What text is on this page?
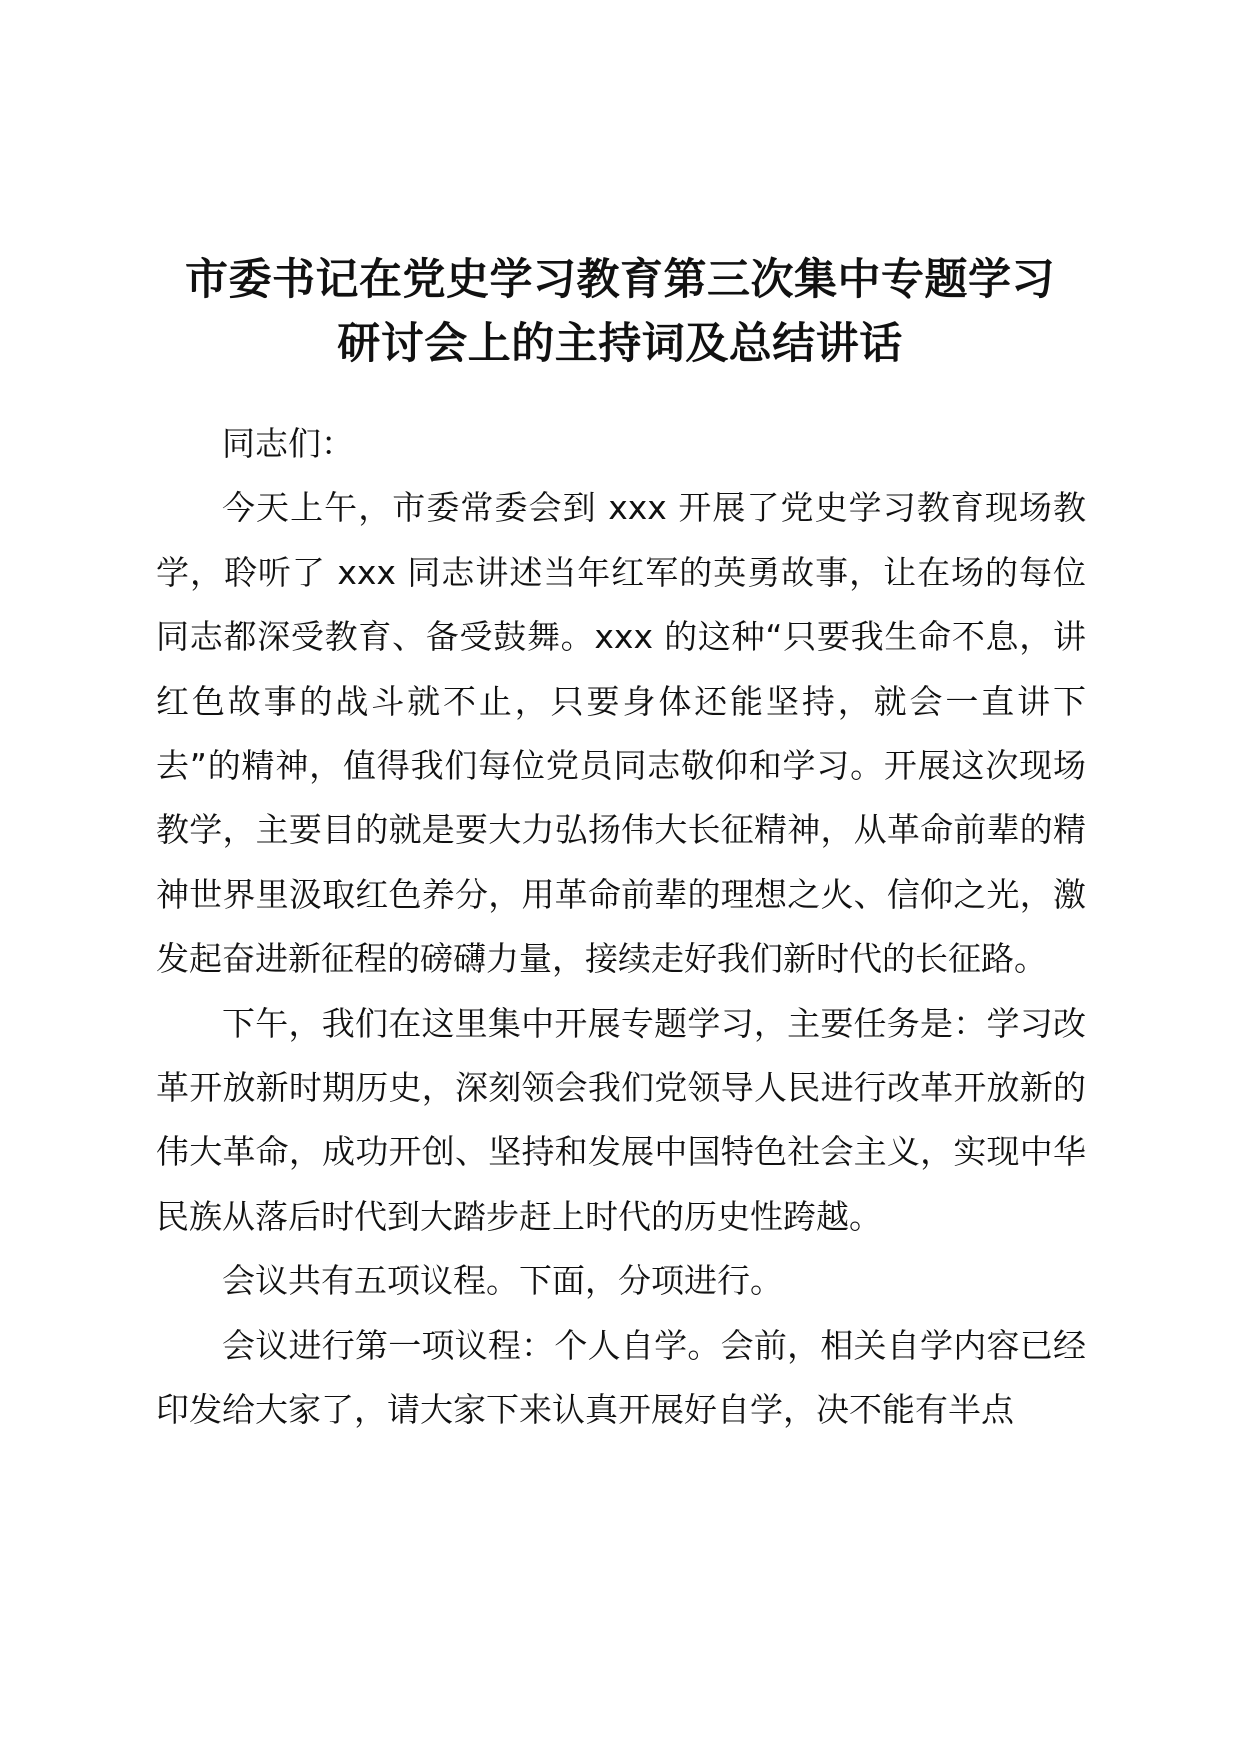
市委书记在党史学习教育第三次集中专题学习
研讨会上的主持词及总结讲话

同志们：

今天上午，市委常委会到 xxx 开展了党史学习教育现场教学，聆听了 xxx 同志讲述当年红军的英勇故事，让在场的每位同志都深受教育、备受鼓舞。xxx 的这种“只要我生命不息，讲红色故事的战斗就不止，只要身体还能坚持，就会一直讲下去”的精神，值得我们每位党员同志敬仰和学习。开展这次现场教学，主要目的就是要大力弘扬伟大长征精神，从革命前辈的精神世界里汲取红色养分，用革命前辈的理想之火、信仰之光，激发起奋进新征程的磅礴力量，接续走好我们新时代的长征路。

下午，我们在这里集中开展专题学习，主要任务是：学习改革开放新时期历史，深刻领会我们党领导人民进行改革开放新的伟大革命，成功开创、坚持和发展中国特色社会主义，实现中华民族从落后时代到大踏步赶上时代的历史性跨越。

会议共有五项议程。下面，分项进行。

会议进行第一项议程：个人自学。会前，相关自学内容已经印发给大家了，请大家下来认真开展好自学，决不能有半点
